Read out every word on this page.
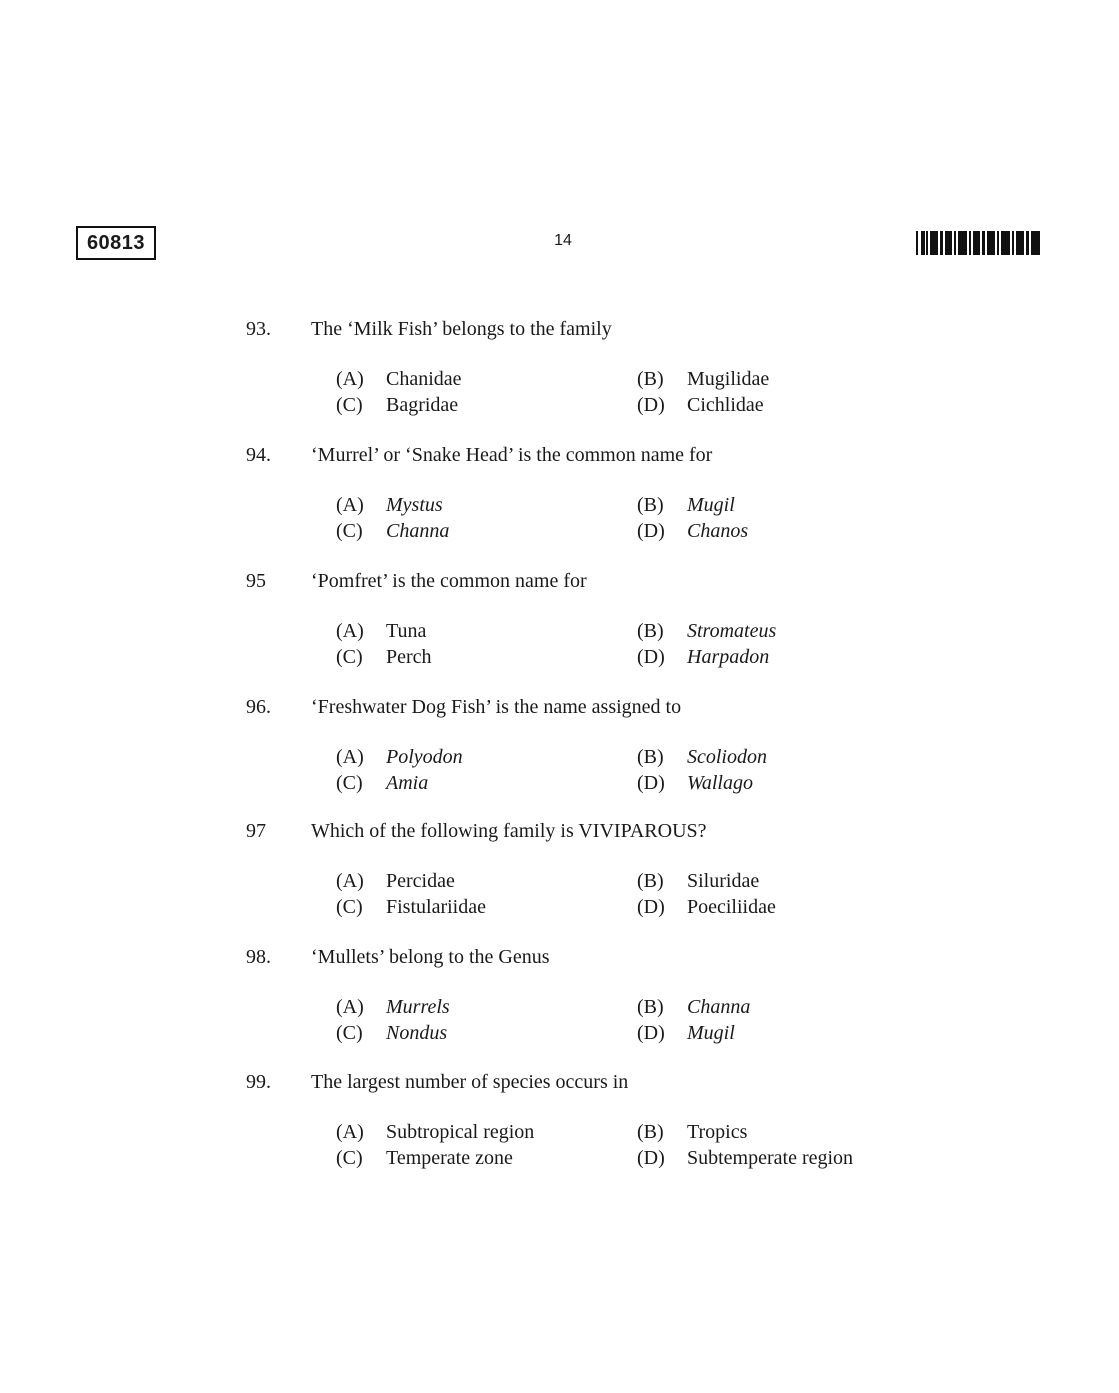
60813	14
93. The ‘Milk Fish’ belongs to the family
(A) Chanidae	(B) Mugilidae
(C) Bagridae	(D) Cichlidae
94. ‘Murrel’ or ‘Snake Head’ is the common name for
(A) Mystus	(B) Mugil
(C) Channa	(D) Chanos
95 ‘Pomfret’ is the common name for
(A) Tuna	(B) Stromateus
(C) Perch	(D) Harpadon
96. ‘Freshwater Dog Fish’ is the name assigned to
(A) Polyodon	(B) Scoliodon
(C) Amia	(D) Wallago
97 Which of the following family is VIVIPAROUS?
(A) Percidae	(B) Siluridae
(C) Fistulariidae	(D) Poeciliidae
98. ‘Mullets’ belong to the Genus
(A) Murrels	(B) Channa
(C) Nondus	(D) Mugil
99. The largest number of species occurs in
(A) Subtropical region	(B) Tropics
(C) Temperate zone	(D) Subtemperate region
